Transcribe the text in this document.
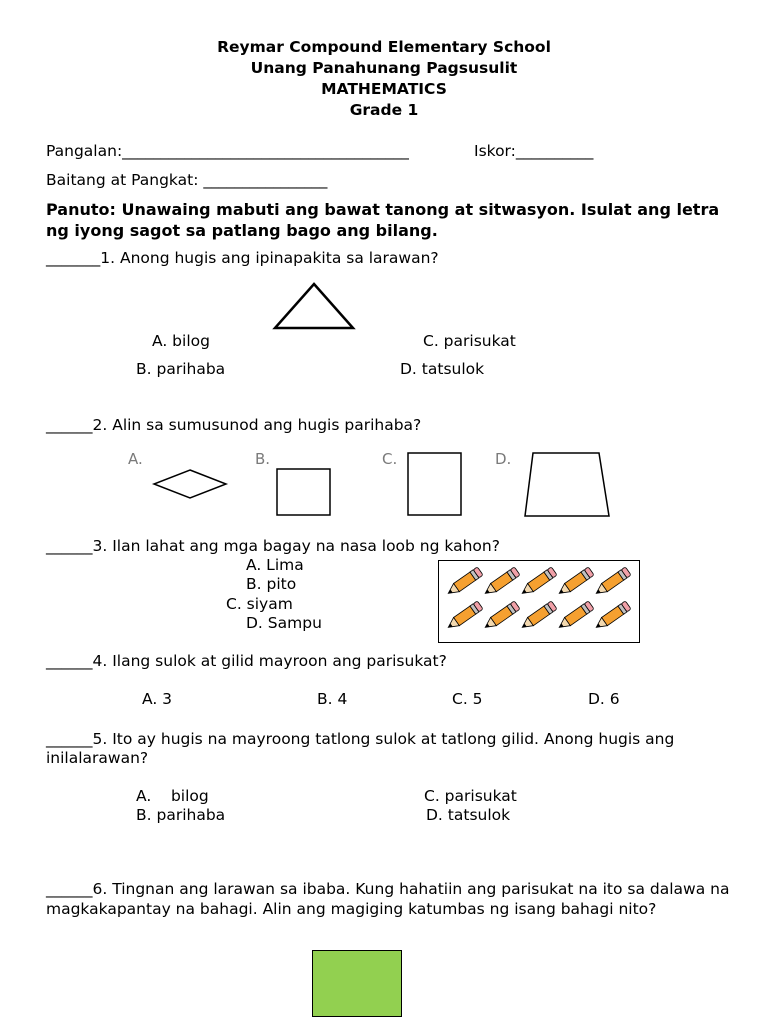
Reymar Compound Elementary School
Unang Panahunang Pagsusulit
MATHEMATICS
Grade 1
Pangalan:_____________________________________	Iskor:__________
Baitang at Pangkat: ________________
Panuto: Unawaing mabuti ang bawat tanong at sitwasyon. Isulat ang letra ng iyong sagot sa patlang bago ang bilang.
_______1. Anong hugis ang ipinapakita sa larawan?
A. bilog	C. parisukat
B. parihaba	D. tatsulok
______2. Alin sa sumusunod ang hugis parihaba?
A.	B.	C.	D.
______3. Ilan lahat ang mga bagay na nasa loob ng kahon?
A. Lima
B. pito
C. siyam
D. Sampu
______4. Ilang sulok at gilid mayroon ang parisukat?
A. 3	B. 4	C. 5	D. 6
______5. Ito ay hugis na mayroong tatlong sulok at tatlong gilid. Anong hugis ang inilalarawan?
A.    bilog	C. parisukat
B. parihaba	D. tatsulok
______6. Tingnan ang larawan sa ibaba. Kung hahatiin ang parisukat na ito sa dalawa na magkakapantay na bahagi. Alin ang magiging katumbas ng isang bahagi nito?
